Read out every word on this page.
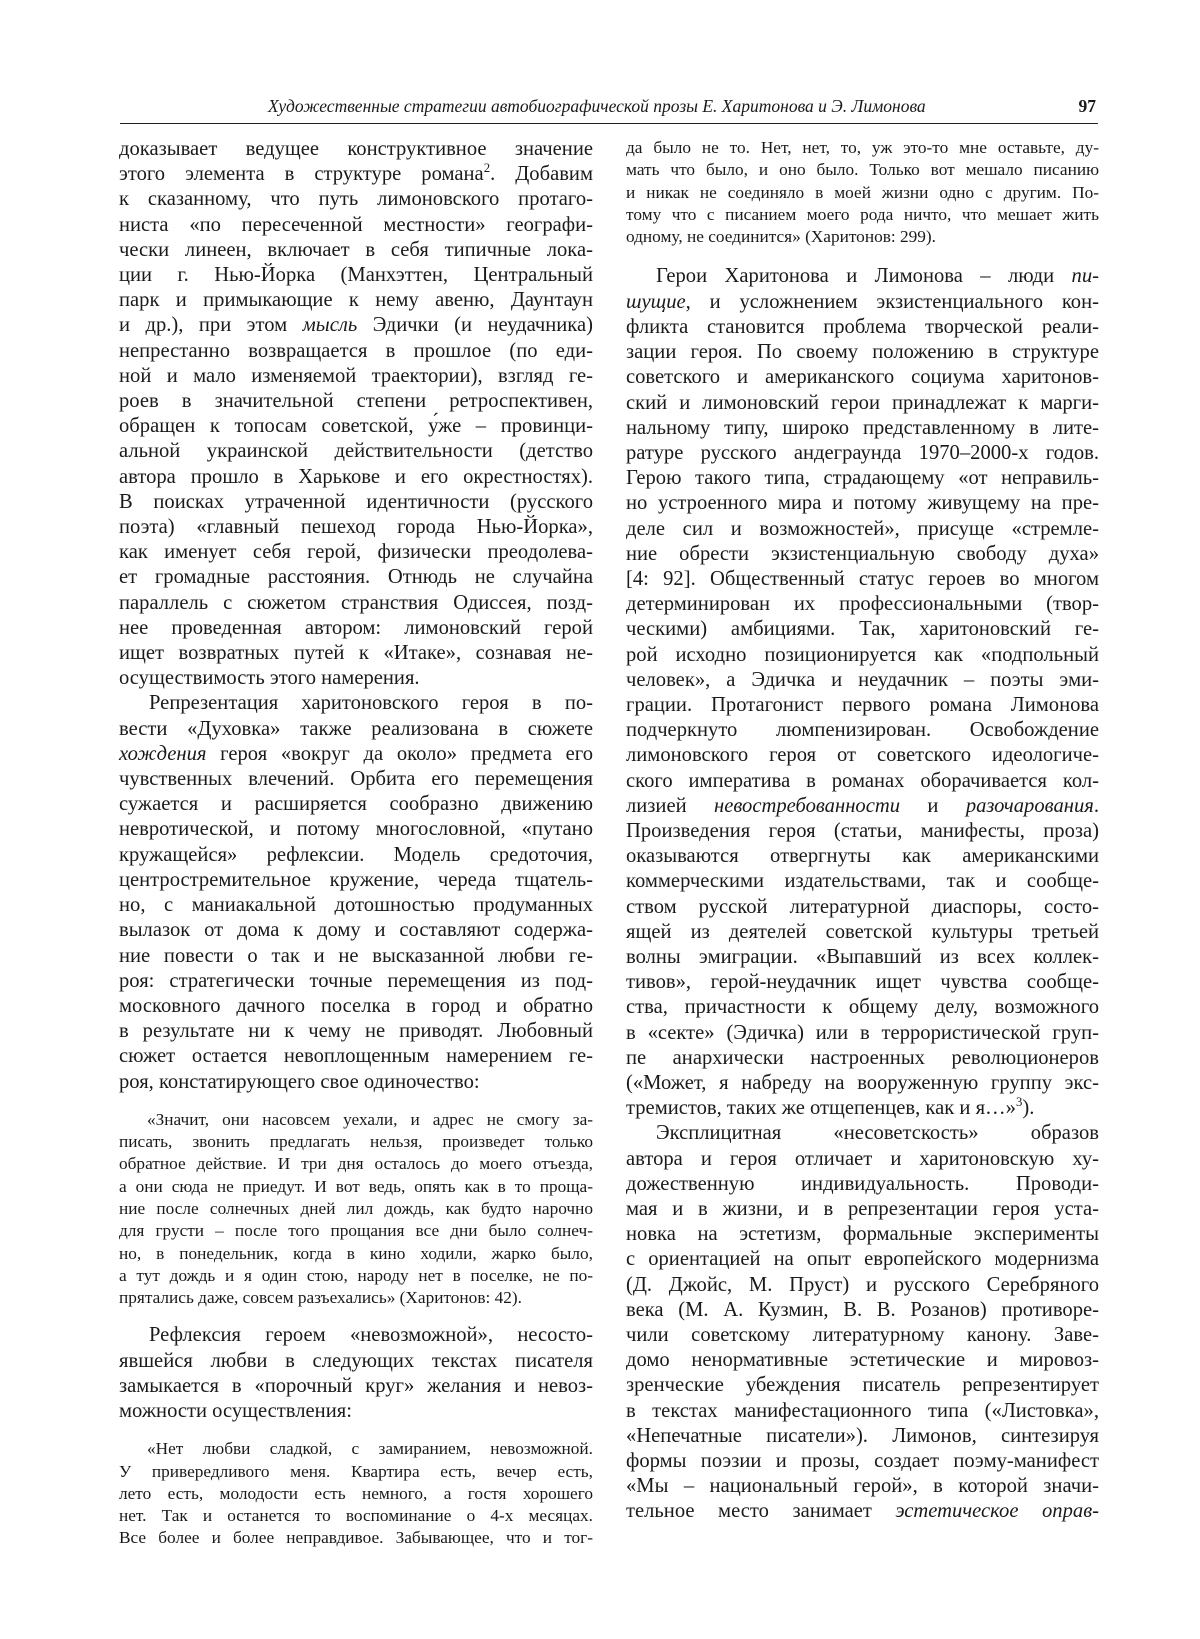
Художественные стратегии автобиографической прозы Е. Харитонова и Э. Лимонова	97

доказывает ведущее конструктивное значение
этого элемента в структуре романа$^2$. Добавим
к сказанному, что путь лимоновского протаго-
ниста «по пересеченной местности» географи-
чески линеен, включает в себя типичные лока-
ции г. Нью-Йорка (Манхэттен, Центральный
парк и примыкающие к нему авеню, Даунтаун
и др.), при этом мысль Эдички (и неудачника)
непрестанно возвращается в прошлое (по еди-
ной и мало изменяемой траектории), взгляд ге-
роев в значительной степени ретроспективен,
обращен к топосам советской, у́же – провинци-
альной украинской действительности (детство
автора прошло в Харькове и его окрестностях).
В поисках утраченной идентичности (русского
поэта) «главный пешеход города Нью-Йорка»,
как именует себя герой, физически преодолева-
ет громадные расстояния. Отнюдь не случайна
параллель с сюжетом странствия Одиссея, позд-
нее проведенная автором: лимоновский герой
ищет возвратных путей к «Итаке», сознавая не-
осуществимость этого намерения.

Репрезентация харитоновского героя в по-
вести «Духовка» также реализована в сюжете
хождения героя «вокруг да около» предмета его
чувственных влечений. Орбита его перемещения
сужается и расширяется сообразно движению
невротической, и потому многословной, «путано
кружащейся» рефлексии. Модель средоточия,
центростремительное кружение, череда тщатель-
но, с маниакальной дотошностью продуманных
вылазок от дома к дому и составляют содержа-
ние повести о так и не высказанной любви ге-
роя: стратегически точные перемещения из под-
московного дачного поселка в город и обратно
в результате ни к чему не приводят. Любовный
сюжет остается невоплощенным намерением ге-
роя, констатирующего свое одиночество:

«Значит, они насовсем уехали, и адрес не смогу за-
писать, звонить предлагать нельзя, произведет только
обратное действие. И три дня осталось до моего отъезда,
а они сюда не приедут. И вот ведь, опять как в то проща-
ние после солнечных дней лил дождь, как будто нарочно
для грусти – после того прощания все дни было солнеч-
но, в понедельник, когда в кино ходили, жарко было,
а тут дождь и я один стою, народу нет в поселке, не по-
прятались даже, совсем разъехались» (Харитонов: 42).

Рефлексия героем «невозможной», несосто-
явшейся любви в следующих текстах писателя
замыкается в «порочный круг» желания и невоз-
можности осуществления:

«Нет любви сладкой, с замиранием, невозможной.
У привередливого меня. Квартира есть, вечер есть,
лето есть, молодости есть немного, а гостя хорошего
нет. Так и останется то воспоминание о 4-х месяцах.
Все более и более неправдивое. Забывающее, что и тог-

да было не то. Нет, нет, то, уж это-то мне оставьте, ду-
мать что было, и оно было. Только вот мешало писанию
и никак не соединяло в моей жизни одно с другим. По-
тому что с писанием моего рода ничто, что мешает жить
одному, не соединится» (Харитонов: 299).

Герои Харитонова и Лимонова – люди пи-
шущие, и усложнением экзистенциального кон-
фликта становится проблема творческой реали-
зации героя. По своему положению в структуре
советского и американского социума харитонов-
ский и лимоновский герои принадлежат к марги-
нальному типу, широко представленному в лите-
ратуре русского андеграунда 1970–2000-х годов.
Герою такого типа, страдающему «от неправиль-
но устроенного мира и потому живущему на пре-
деле сил и возможностей», присуще «стремле-
ние обрести экзистенциальную свободу духа»
[4: 92]. Общественный статус героев во многом
детерминирован их профессиональными (твор-
ческими) амбициями. Так, харитоновский ге-
рой исходно позиционируется как «подпольный
человек», а Эдичка и неудачник – поэты эми-
грации. Протагонист первого романа Лимонова
подчеркнуто люмпенизирован. Освобождение
лимоновского героя от советского идеологиче-
ского императива в романах оборачивается кол-
лизией невостребованности и разочарования.
Произведения героя (статьи, манифесты, проза)
оказываются отвергнуты как американскими
коммерческими издательствами, так и сообще-
ством русской литературной диаспоры, состо-
ящей из деятелей советской культуры третьей
волны эмиграции. «Выпавший из всех коллек-
тивов», герой-неудачник ищет чувства сообще-
ства, причастности к общему делу, возможного
в «секте» (Эдичка) или в террористической груп-
пе анархически настроенных революционеров
(«Может, я набреду на вооруженную группу экс-
тремистов, таких же отщепенцев, как и я…»$^3$).

Эксплицитная «несоветскость» образов
автора и героя отличает и харитоновскую ху-
дожественную индивидуальность. Проводи-
мая и в жизни, и в репрезентации героя уста-
новка на эстетизм, формальные эксперименты
с ориентацией на опыт европейского модернизма
(Д. Джойс, М. Пруст) и русского Серебряного
века (М. А. Кузмин, В. В. Розанов) противоре-
чили советскому литературному канону. Заве-
домо ненормативные эстетические и мировоз-
зренческие убеждения писатель репрезентирует
в текстах манифестационного типа («Листовка»,
«Непечатные писатели»). Лимонов, синтезируя
формы поэзии и прозы, создает поэму-манифест
«Мы – национальный герой», в которой значи-
тельное место занимает эстетическое оправ-
